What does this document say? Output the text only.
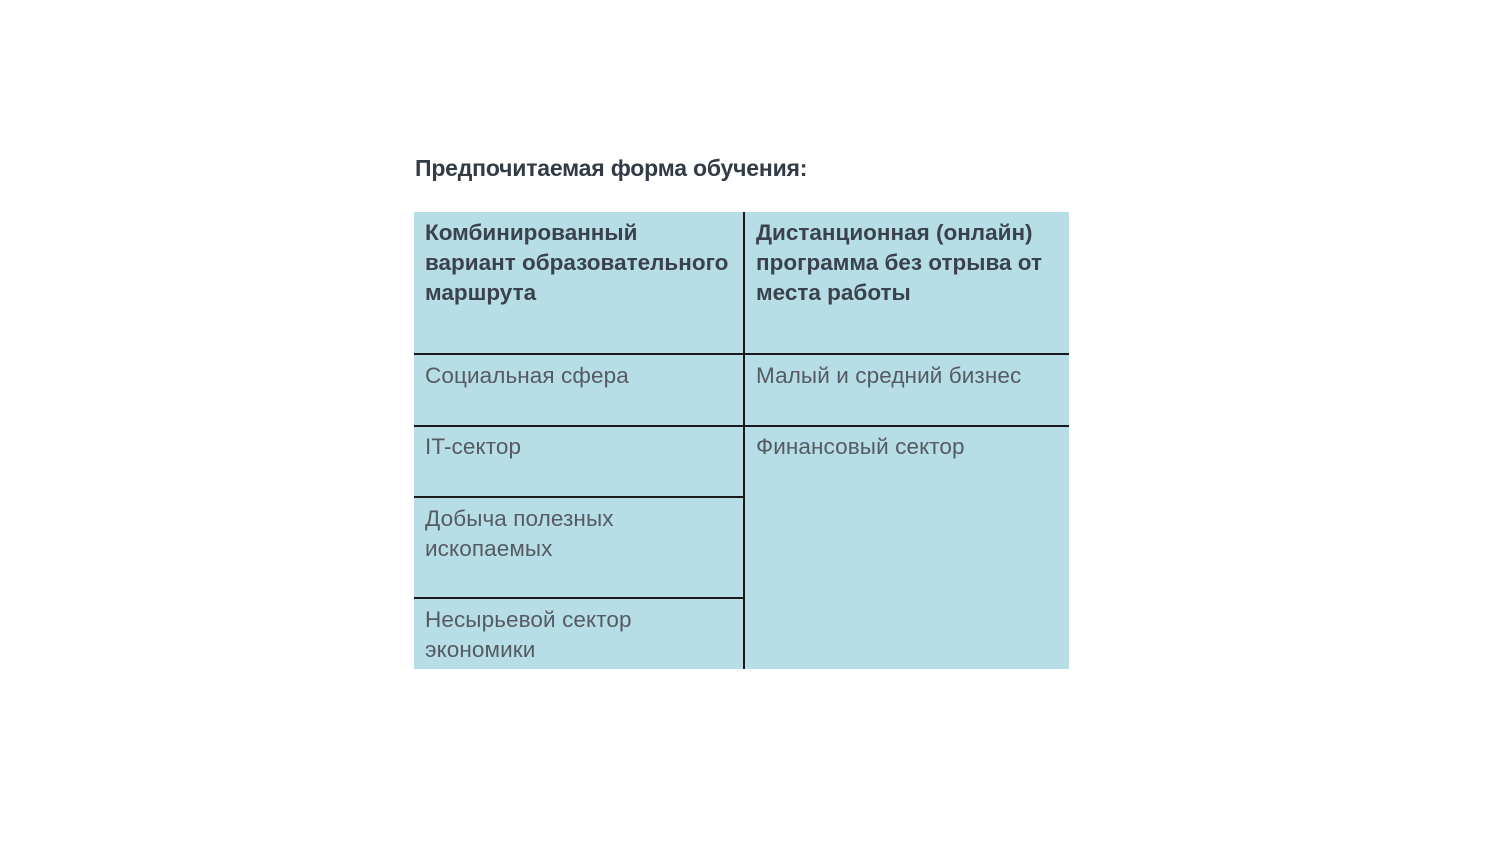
Предпочитаемая форма обучения:
Комбинированный вариант образовательного маршрута
Социальная сфера
IT-сектор
Добыча полезных ископаемых
Несырьевой сектор экономики
Дистанционная (онлайн) программа без отрыва от места работы
Малый и средний бизнес
Финансовый сектор
